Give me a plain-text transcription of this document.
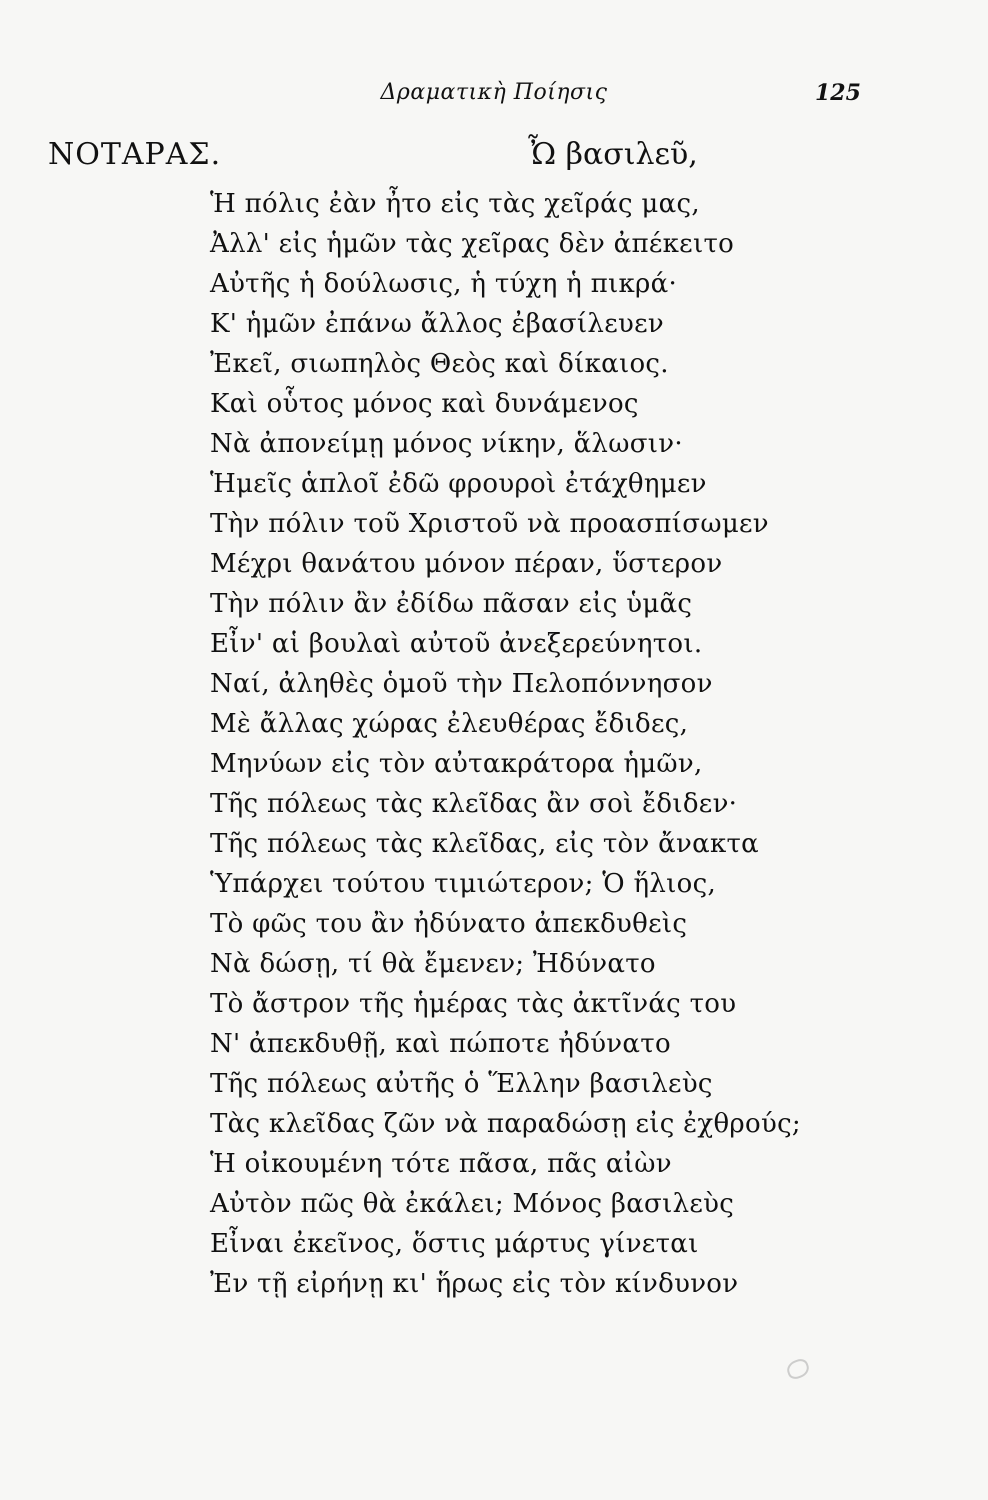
Δραματικὴ Ποίησις	125
ΝΟΤΑΡΑΣ.	Ὦ βασιλεῦ,
Ἡ πόλις ἐὰν ἦτο εἰς τὰς χεῖράς μας,
Ἀλλ' εἰς ἡμῶν τὰς χεῖρας δὲν ἀπέκειτο
Αὐτῆς ἡ δούλωσις, ἡ τύχη ἡ πικρά·
Κ' ἡμῶν ἐπάνω ἄλλος ἐβασίλευεν
Ἐκεῖ, σιωπηλὸς Θεὸς καὶ δίκαιος.
Καὶ οὗτος μόνος καὶ δυνάμενος
Νὰ ἀπονείμῃ μόνος νίκην, ἅλωσιν·
Ἡμεῖς ἁπλοῖ ἐδῶ φρουροὶ ἐτάχθημεν
Τὴν πόλιν τοῦ Χριστοῦ νὰ προασπίσωμεν
Μέχρι θανάτου μόνον πέραν, ὕστερον
Τὴν πόλιν ἂν ἐδίδω πᾶσαν εἰς ὑμᾶς
Εἶν' αἱ βουλαὶ αὐτοῦ ἀνεξερεύνητοι.
Ναί, ἀληθὲς ὁμοῦ τὴν Πελοπόννησον
Μὲ ἄλλας χώρας ἐλευθέρας ἔδιδες,
Μηνύων εἰς τὸν αὐτακράτορα ἡμῶν,
Τῆς πόλεως τὰς κλεῖδας ἂν σοὶ ἔδιδεν·
Τῆς πόλεως τὰς κλεῖδας, εἰς τὸν ἄνακτα
Ὑπάρχει τούτου τιμιώτερον; Ὁ ἥλιος,
Τὸ φῶς του ἂν ἠδύνατο ἀπεκδυθεὶς
Νὰ δώσῃ, τί θὰ ἔμενεν; Ἠδύνατο
Τὸ ἄστρον τῆς ἡμέρας τὰς ἀκτῖνάς του
Ν' ἀπεκδυθῇ, καὶ πώποτε ἠδύνατο
Τῆς πόλεως αὐτῆς ὁ Ἕλλην βασιλεὺς
Τὰς κλεῖδας ζῶν νὰ παραδώσῃ εἰς ἐχθρούς;
Ἡ οἰκουμένη τότε πᾶσα, πᾶς αἰὼν
Αὐτὸν πῶς θὰ ἐκάλει; Μόνος βασιλεὺς
Εἶναι ἐκεῖνος, ὅστις μάρτυς γίνεται
Ἐν τῇ εἰρήνῃ κι' ἥρως εἰς τὸν κίνδυνον
